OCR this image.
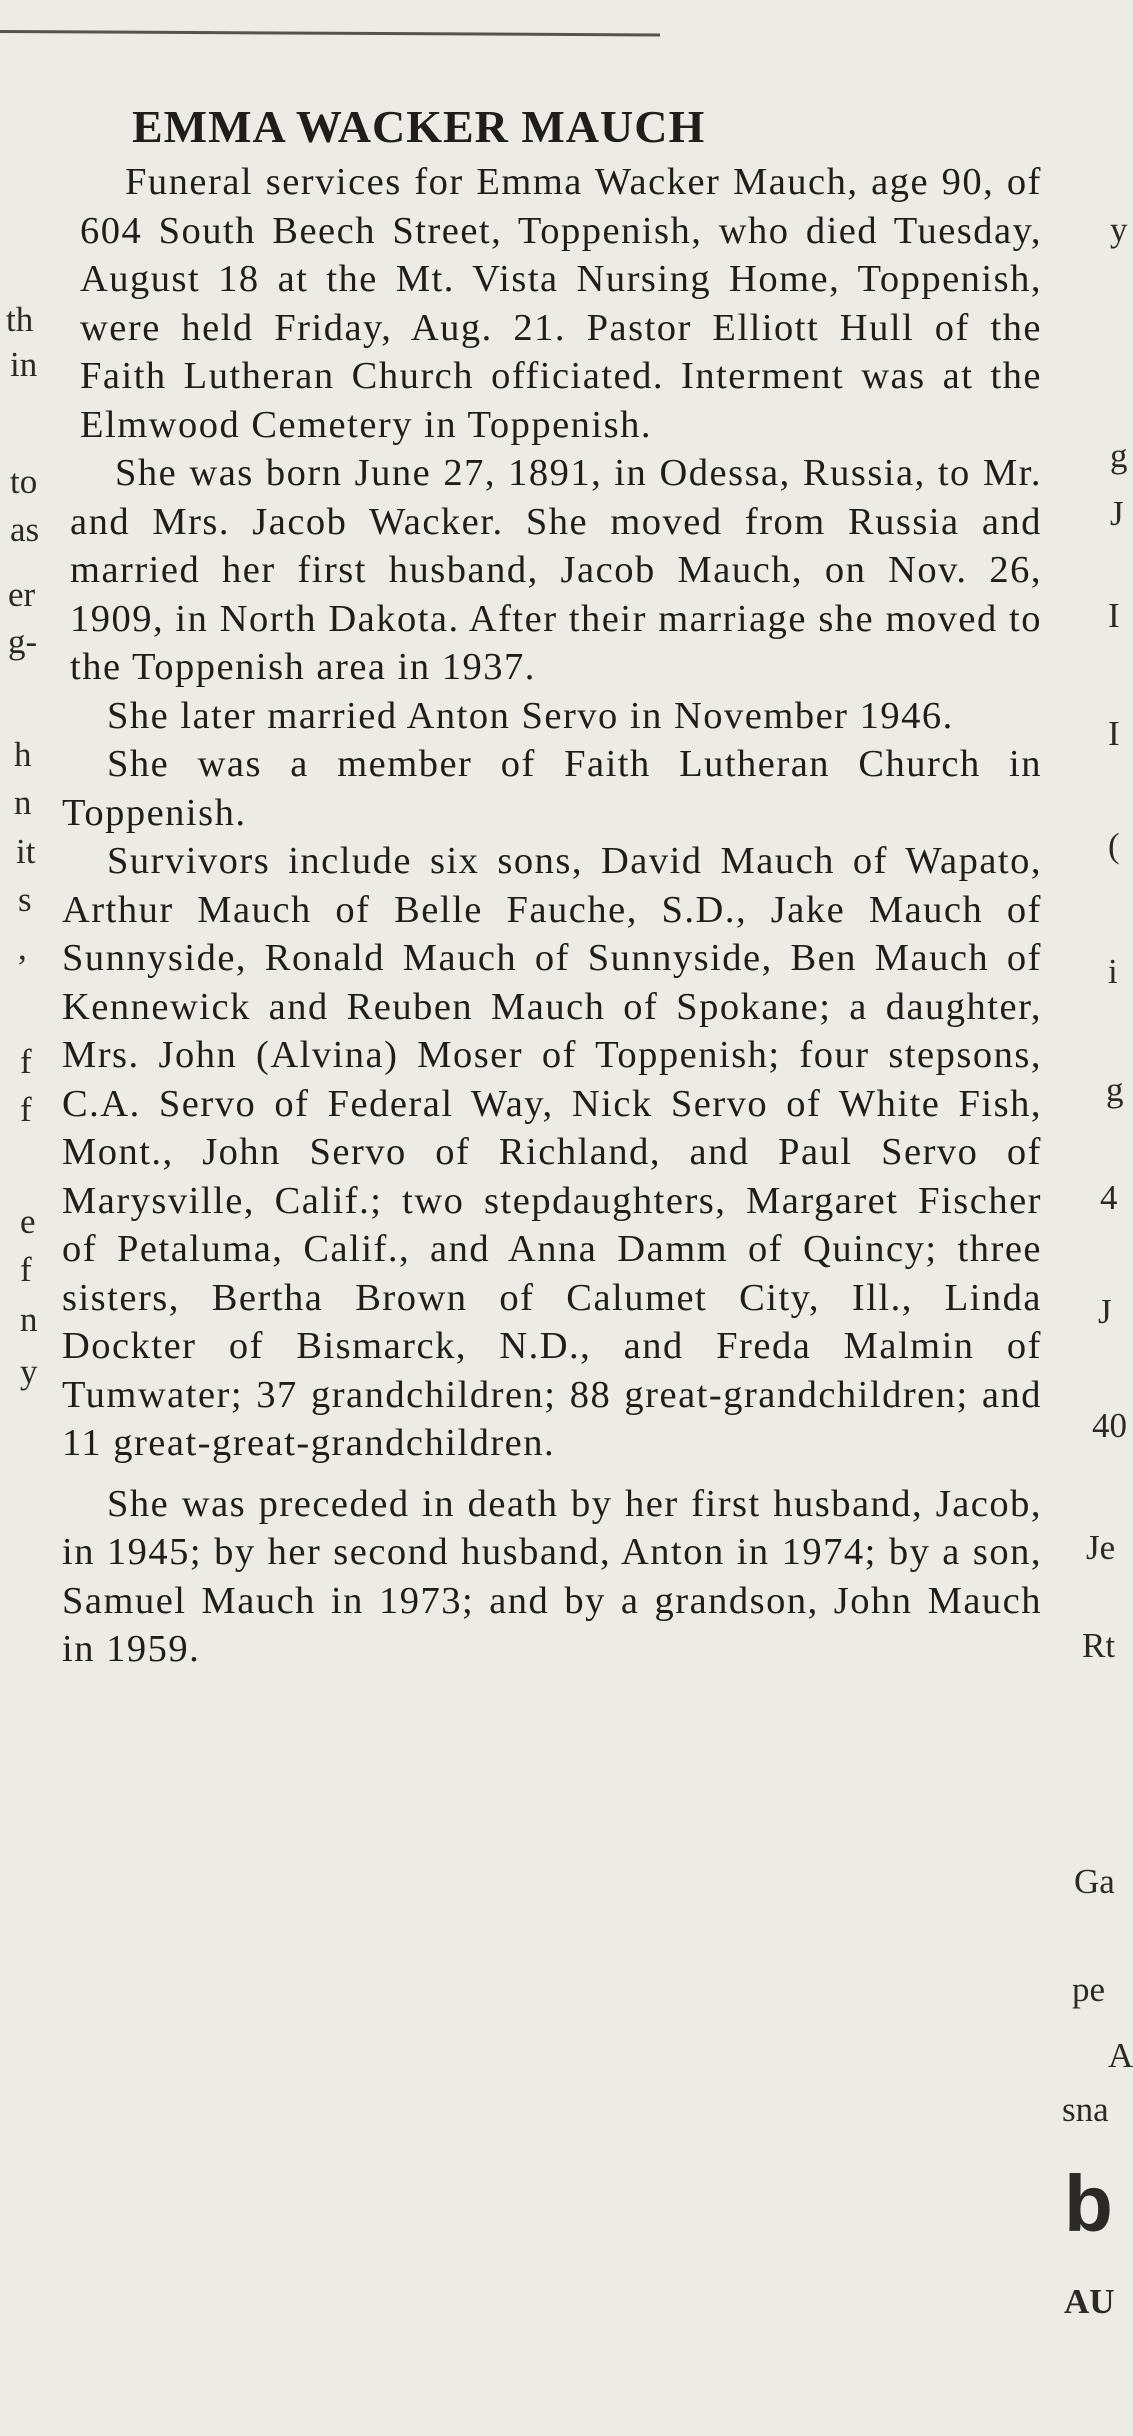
th
in
to
as
er
g-
h
n
it
s
,
f
f
e
f
n
y
y
g
J
I
I
(
i
g
4
J
40
Je
Rt
Ga
pe
A
sna
b
AU
EMMA WACKER MAUCH

Funeral services for Emma Wacker Mauch, age 90, of 604 South Beech Street, Toppenish, who died Tuesday, August 18 at the Mt. Vista Nursing Home, Toppenish, were held Friday, Aug. 21. Pastor Elliott Hull of the Faith Lutheran Church officiated. Interment was at the Elmwood Cemetery in Toppenish.

She was born June 27, 1891, in Odessa, Russia, to Mr. and Mrs. Jacob Wacker. She moved from Russia and married her first husband, Jacob Mauch, on Nov. 26, 1909, in North Dakota. After their marriage she moved to the Toppenish area in 1937.

She later married Anton Servo in November 1946.

She was a member of Faith Lutheran Church in Toppenish.

Survivors include six sons, David Mauch of Wapato, Arthur Mauch of Belle Fauche, S.D., Jake Mauch of Sunnyside, Ronald Mauch of Sunnyside, Ben Mauch of Kennewick and Reuben Mauch of Spokane; a daughter, Mrs. John (Alvina) Moser of Toppenish; four stepsons, C.A. Servo of Federal Way, Nick Servo of White Fish, Mont., John Servo of Richland, and Paul Servo of Marysville, Calif.; two stepdaughters, Margaret Fischer of Petaluma, Calif., and Anna Damm of Quincy; three sisters, Bertha Brown of Calumet City, Ill., Linda Dockter of Bismarck, N.D., and Freda Malmin of Tumwater; 37 grandchildren; 88 great-grandchildren; and 11 great-great-grandchildren.

She was preceded in death by her first husband, Jacob, in 1945; by her second husband, Anton in 1974; by a son, Samuel Mauch in 1973; and by a grandson, John Mauch in 1959.
